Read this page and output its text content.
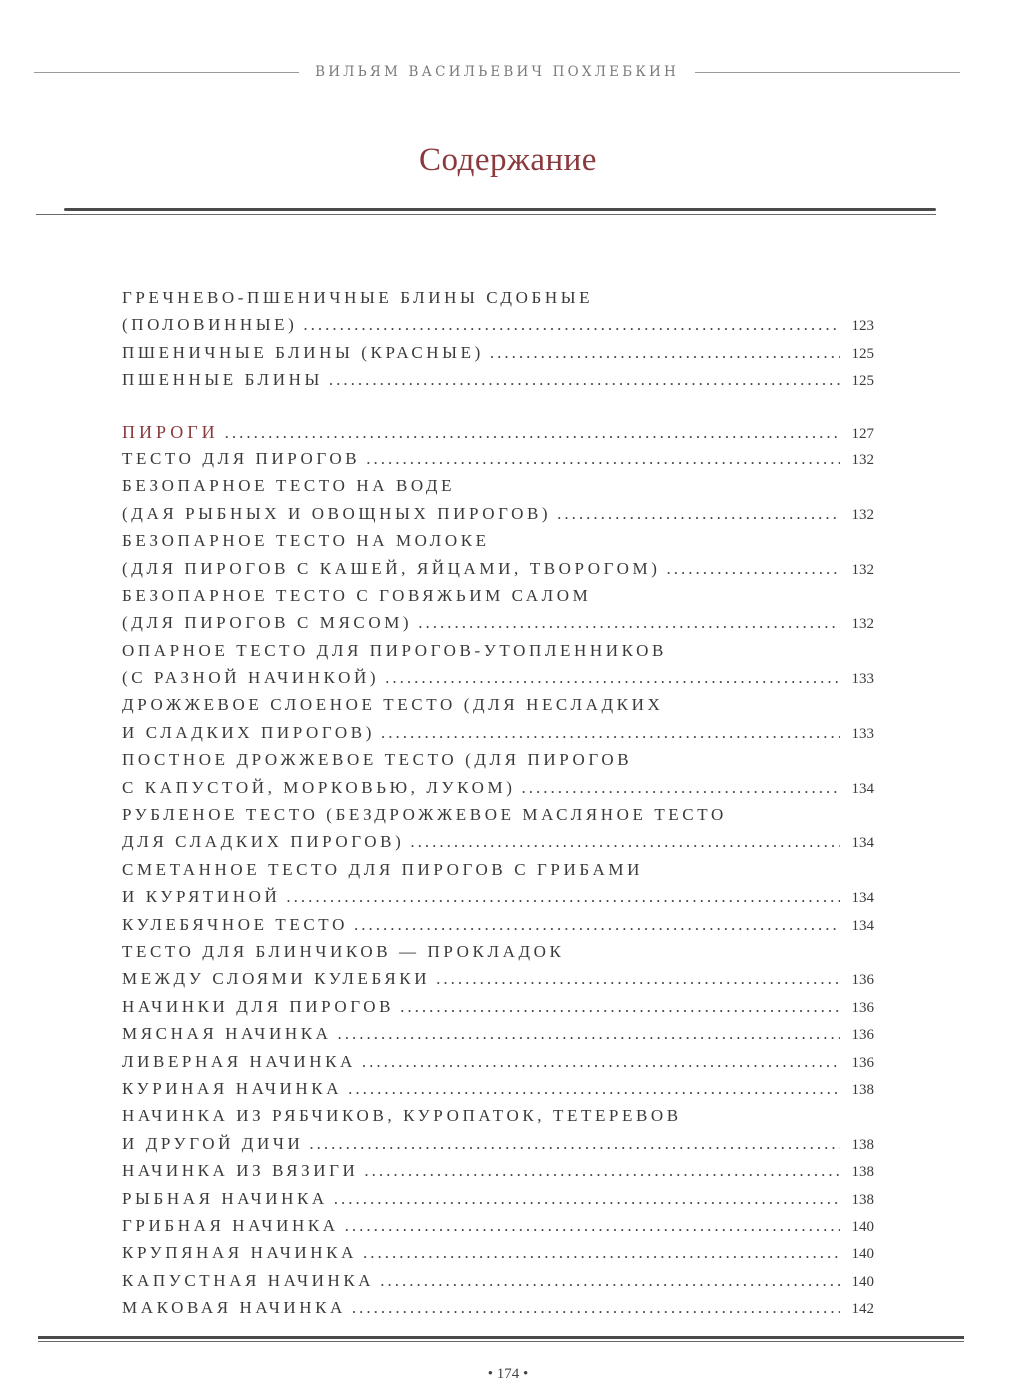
ВИЛЬЯМ ВАСИЛЬЕВИЧ ПОХЛЕБКИН
Содержание
ГРЕЧНЕВО-ПШЕНИЧНЫЕ БЛИНЫ СДОБНЫЕ
(ПОЛОВИННЫЕ) .....	123
ПШЕНИЧНЫЕ БЛИНЫ (КРАСНЫЕ) .....	125
ПШЕННЫЕ БЛИНЫ .....	125
ПИРОГИ .....	127
ТЕСТО ДЛЯ ПИРОГОВ .....	132
БЕЗОПАРНОЕ ТЕСТО НА ВОДЕ
(ДАЯ РЫБНЫХ И ОВОЩНЫХ ПИРОГОВ) .....	132
БЕЗОПАРНОЕ ТЕСТО НА МОЛОКЕ
(ДЛЯ ПИРОГОВ С КАШЕЙ, ЯЙЦАМИ, ТВОРОГОМ) .....	132
БЕЗОПАРНОЕ ТЕСТО С ГОВЯЖЬИМ САЛОМ
(ДЛЯ ПИРОГОВ С МЯСОМ) .....	132
ОПАРНОЕ ТЕСТО ДЛЯ ПИРОГОВ-УТОПЛЕННИКОВ
(С РАЗНОЙ НАЧИНКОЙ) .....	133
ДРОЖЖЕВОЕ СЛОЕНОЕ ТЕСТО (ДЛЯ НЕСЛАДКИХ
И СЛАДКИХ ПИРОГОВ) .....	133
ПОСТНОЕ ДРОЖЖЕВОЕ ТЕСТО (ДЛЯ ПИРОГОВ
С КАПУСТОЙ, МОРКОВЬЮ, ЛУКОМ) .....	134
РУБЛЕНОЕ ТЕСТО (БЕЗДРОЖЖЕВОЕ МАСЛЯНОЕ ТЕСТО
ДЛЯ СЛАДКИХ ПИРОГОВ) .....	134
СМЕТАННОЕ ТЕСТО ДЛЯ ПИРОГОВ С ГРИБАМИ
И КУРЯТИНОЙ .....	134
КУЛЕБЯЧНОЕ ТЕСТО .....	134
ТЕСТО ДЛЯ БЛИНЧИКОВ — ПРОКЛАДОК
МЕЖДУ СЛОЯМИ КУЛЕБЯКИ .....	136
НАЧИНКИ ДЛЯ ПИРОГОВ .....	136
МЯСНАЯ НАЧИНКА .....	136
ЛИВЕРНАЯ НАЧИНКА .....	136
КУРИНАЯ НАЧИНКА .....	138
НАЧИНКА ИЗ РЯБЧИКОВ, КУРОПАТОК, ТЕТЕРЕВОВ
И ДРУГОЙ ДИЧИ .....	138
НАЧИНКА ИЗ ВЯЗИГИ .....	138
РЫБНАЯ НАЧИНКА .....	138
ГРИБНАЯ НАЧИНКА .....	140
КРУПЯНАЯ НАЧИНКА .....	140
КАПУСТНАЯ НАЧИНКА .....	140
МАКОВАЯ НАЧИНКА .....	142
• 174 •
